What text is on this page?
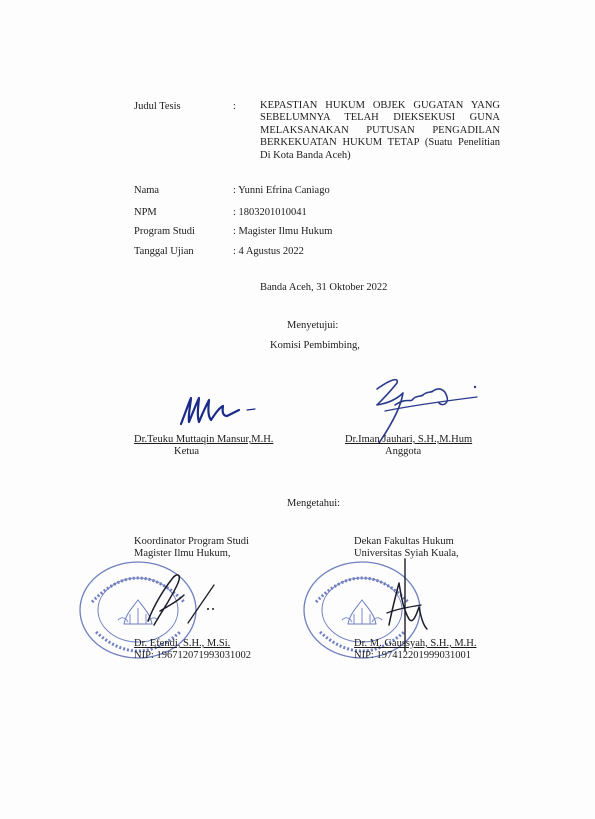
Judul Tesis	: KEPASTIAN HUKUM OBJEK GUGATAN YANG SEBELUMNYA TELAH DIEKSEKUSI GUNA MELAKSANAKAN PUTUSAN PENGADILAN BERKEKUATAN HUKUM TETAP (Suatu Penelitian Di Kota Banda Aceh)
Nama	: Yunni Efrina Caniago
NPM	: 1803201010041
Program Studi	: Magister Ilmu Hukum
Tanggal Ujian	: 4 Agustus 2022
Banda Aceh, 31 Oktober 2022
Menyetujui:
Komisi Pembimbing,
Dr.Teuku Muttaqin Mansur,M.H.
Ketua
Dr.Iman Jauhari, S.H.,M.Hum
Anggota
Mengetahui:
Koordinator Program Studi
Magister Ilmu Hukum,
Dr. Efendi, S.H., M.Si.
NIP: 196712071993031002
Dekan Fakultas Hukum
Universitas Syiah Kuala,
Dr. M. Gaussyah, S.H., M.H.
NIP: 197412201999031001
